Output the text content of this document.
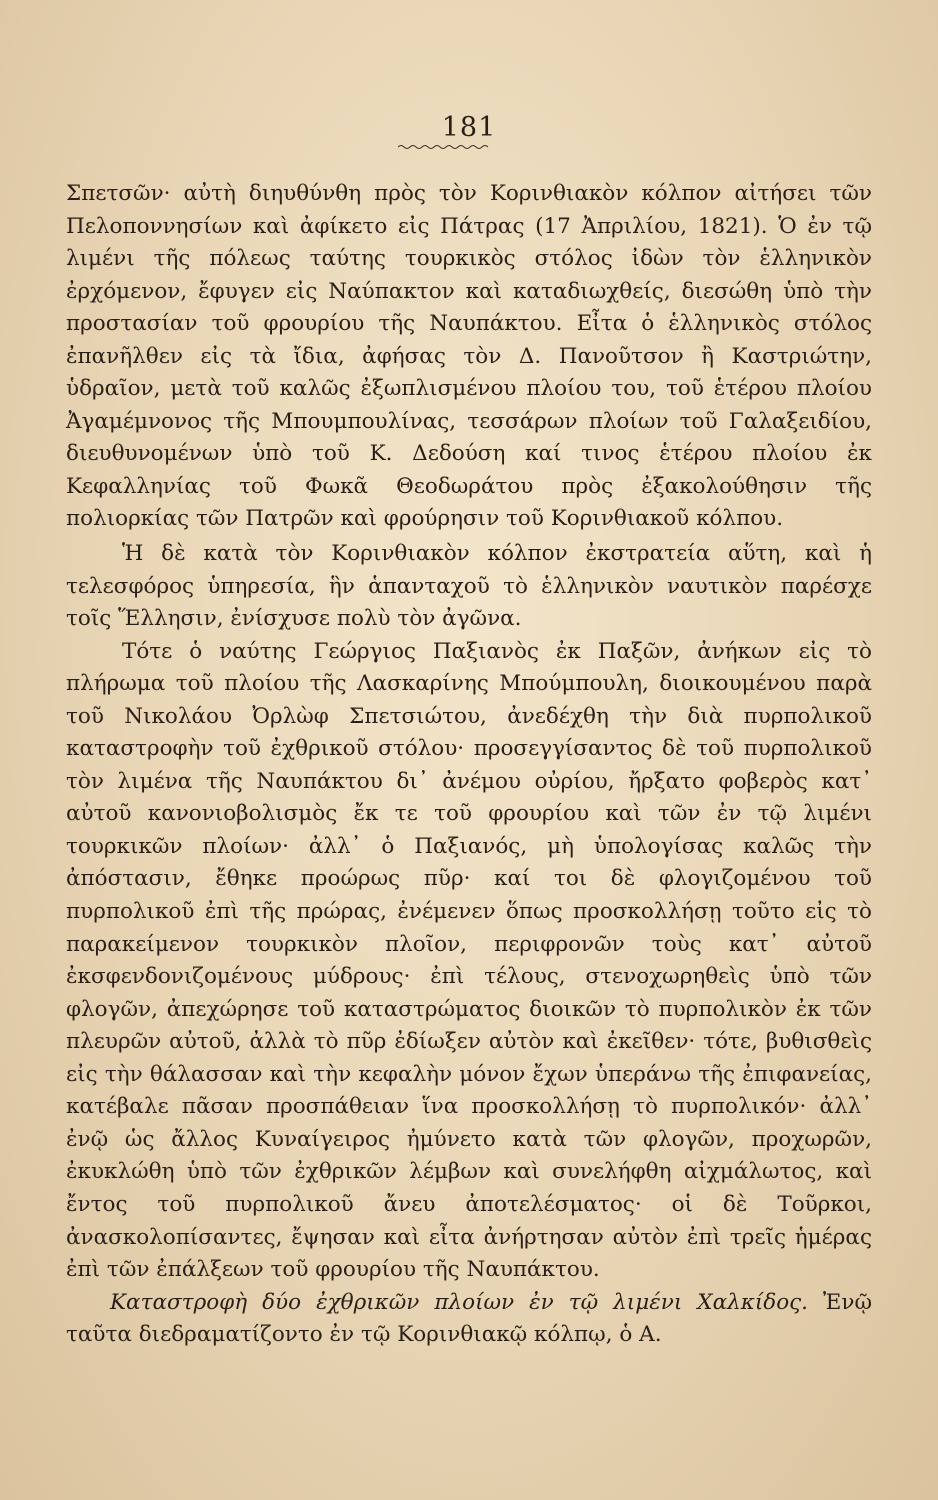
181

Σπετσῶν· αὐτὴ διηυθύνθη πρὸς τὸν Κορινθιακὸν κόλπον αἰτήσει τῶν Πελοποννησίων καὶ ἀφίκετο εἰς Πάτρας (17 Ἀπριλίου, 1821). Ὁ ἐν τῷ λιμένι τῆς πόλεως ταύτης τουρκικὸς στόλος ἰδὼν τὸν ἑλληνικὸν ἐρχόμενον, ἔφυγεν εἰς Ναύπακτον καὶ καταδιωχθείς, διεσώθη ὑπὸ τὴν προστασίαν τοῦ φρουρίου τῆς Ναυπάκτου. Εἶτα ὁ ἑλληνικὸς στόλος ἐπανῆλθεν εἰς τὰ ἴδια, ἀφήσας τὸν Δ. Πανοῦτσον ἢ Καστριώτην, ὑδραῖον, μετὰ τοῦ καλῶς ἐξωπλισμένου πλοίου του, τοῦ ἑτέρου πλοίου Ἀγαμέμνονος τῆς Μπουμπουλίνας, τεσσάρων πλοίων τοῦ Γαλαξειδίου, διευθυνομένων ὑπὸ τοῦ Κ. Δεδούση καί τινος ἑτέρου πλοίου ἐκ Κεφαλληνίας τοῦ Φωκᾶ Θεοδωράτου πρὸς ἐξακολούθησιν τῆς πολιορκίας τῶν Πατρῶν καὶ φρούρησιν τοῦ Κορινθιακοῦ κόλπου.

Ἡ δὲ κατὰ τὸν Κορινθιακὸν κόλπον ἐκστρατεία αὕτη, καὶ ἡ τελεσφόρος ὑπηρεσία, ἣν ἁπανταχοῦ τὸ ἑλληνικὸν ναυτικὸν παρέσχε τοῖς Ἕλλησιν, ἐνίσχυσε πολὺ τὸν ἀγῶνα.

Τότε ὁ ναύτης Γεώργιος Παξιανὸς ἐκ Παξῶν, ἀνήκων εἰς τὸ πλήρωμα τοῦ πλοίου τῆς Λασκαρίνης Μπούμπουλη, διοικουμένου παρὰ τοῦ Νικολάου Ὀρλὼφ Σπετσιώτου, ἀνεδέχθη τὴν διὰ πυρπολικοῦ καταστροφὴν τοῦ ἐχθρικοῦ στόλου· προσεγγίσαντος δὲ τοῦ πυρπολικοῦ τὸν λιμένα τῆς Ναυπάκτου δι᾽ ἀνέμου οὐρίου, ἤρξατο φοβερὸς κατ᾽ αὐτοῦ κανονιοβολισμὸς ἔκ τε τοῦ φρουρίου καὶ τῶν ἐν τῷ λιμένι τουρκικῶν πλοίων· ἀλλ᾽ ὁ Παξιανός, μὴ ὑπολογίσας καλῶς τὴν ἀπόστασιν, ἔθηκε προώρως πῦρ· καί τοι δὲ φλογιζομένου τοῦ πυρπολικοῦ ἐπὶ τῆς πρώρας, ἐνέμενεν ὅπως προσκολλήσῃ τοῦτο εἰς τὸ παρακείμενον τουρκικὸν πλοῖον, περιφρονῶν τοὺς κατ᾽ αὐτοῦ ἐκσφενδονιζομένους μύδρους· ἐπὶ τέλους, στενοχωρηθεὶς ὑπὸ τῶν φλογῶν, ἀπεχώρησε τοῦ καταστρώματος διοικῶν τὸ πυρπολικὸν ἐκ τῶν πλευρῶν αὐτοῦ, ἀλλὰ τὸ πῦρ ἐδίωξεν αὐτὸν καὶ ἐκεῖθεν· τότε, βυθισθεὶς εἰς τὴν θάλασσαν καὶ τὴν κεφαλὴν μόνον ἔχων ὑπεράνω τῆς ἐπιφανείας, κατέβαλε πᾶσαν προσπάθειαν ἵνα προσκολλήσῃ τὸ πυρπολικόν· ἀλλ᾽ ἐνῷ ὡς ἄλλος Κυναίγειρος ἠμύνετο κατὰ τῶν φλογῶν, προχωρῶν, ἐκυκλώθη ὑπὸ τῶν ἐχθρικῶν λέμβων καὶ συνελήφθη αἰχμάλωτος, καὶ ἔντος τοῦ πυρπολικοῦ ἄνευ ἀποτελέσματος· οἱ δὲ Τοῦρκοι, ἀνασκολοπίσαντες, ἔψησαν καὶ εἶτα ἀνήρτησαν αὐτὸν ἐπὶ τρεῖς ἡμέρας ἐπὶ τῶν ἐπάλξεων τοῦ φρουρίου τῆς Ναυπάκτου.

Καταστροφὴ δύο ἐχθρικῶν πλοίων ἐν τῷ λιμένι Χαλκίδος. Ἐνῷ ταῦτα διεδραματίζοντο ἐν τῷ Κορινθιακῷ κόλπῳ, ὁ Α.
